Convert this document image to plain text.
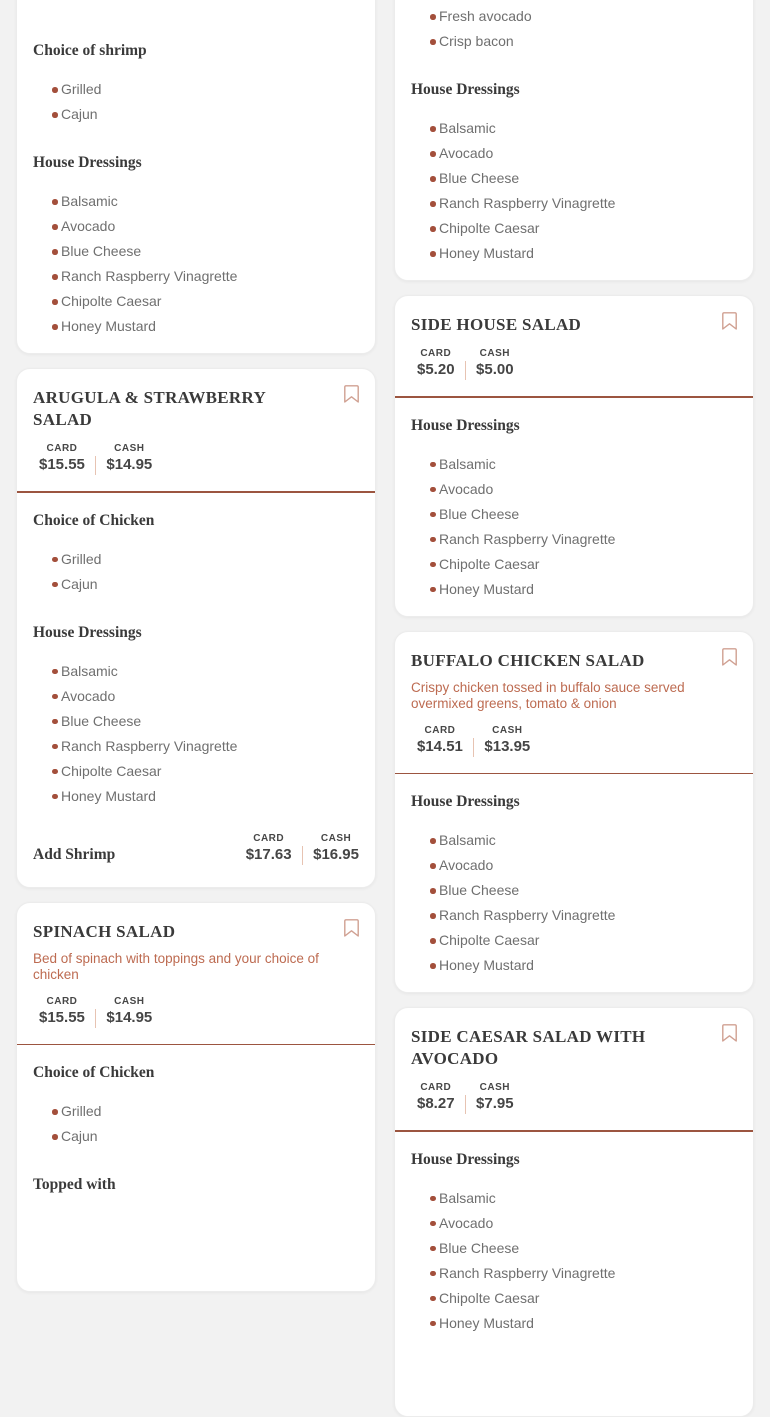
Choice of shrimp
Grilled
Cajun
House Dressings
Balsamic
Avocado
Blue Cheese
Ranch Raspberry Vinagrette
Chipolte Caesar
Honey Mustard
ARUGULA & STRAWBERRY SALAD
CARD
$15.55
CASH
$14.95
Choice of Chicken
Grilled
Cajun
House Dressings
Balsamic
Avocado
Blue Cheese
Ranch Raspberry Vinagrette
Chipolte Caesar
Honey Mustard
Add Shrimp
CARD
$17.63
CASH
$16.95
SPINACH SALAD

Bed of spinach with toppings and your choice of chicken

CARD
$15.55
CASH
$14.95
Choice of Chicken
Grilled
Cajun
Topped with
Fresh avocado
Crisp bacon
House Dressings
Balsamic
Avocado
Blue Cheese
Ranch Raspberry Vinagrette
Chipolte Caesar
Honey Mustard
SIDE HOUSE SALAD
CARD
$5.20
CASH
$5.00
House Dressings
Balsamic
Avocado
Blue Cheese
Ranch Raspberry Vinagrette
Chipolte Caesar
Honey Mustard
BUFFALO CHICKEN SALAD

Crispy chicken tossed in buffalo sauce served overmixed greens, tomato & onion

CARD
$14.51
CASH
$13.95
House Dressings
Balsamic
Avocado
Blue Cheese
Ranch Raspberry Vinagrette
Chipolte Caesar
Honey Mustard
SIDE CAESAR SALAD WITH AVOCADO
CARD
$8.27
CASH
$7.95
House Dressings
Balsamic
Avocado
Blue Cheese
Ranch Raspberry Vinagrette
Chipolte Caesar
Honey Mustard
